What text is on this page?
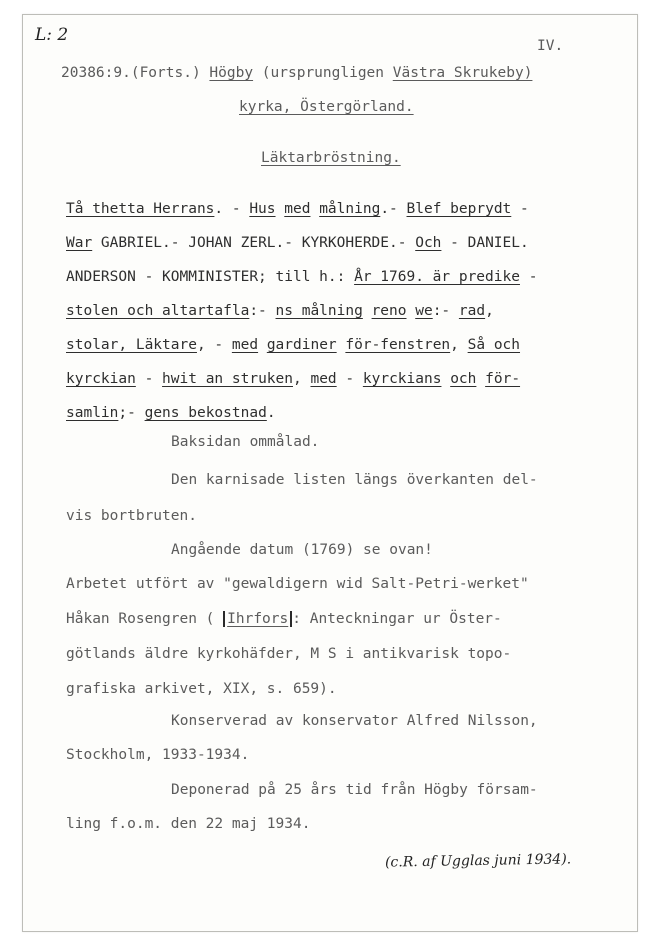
L: 2
IV.
20386:9.(Forts.) Högby (ursprungligen Västra Skrukeby)
kyrka, Östergörland.
Läktarbröstning.
Tå thetta Herrans. - Hus med målning.- Blef beprydt -
War GABRIEL.- JOHAN ZERL.- KYRKOHERDE.- Och - DANIEL.
ANDERSON - KOMMINISTER; till h.: År 1769. är predike -
stolen och altartafla:- ns målning reno we:- rad,
stolar, Läktare, - med gardiner för-fenstren, Så och
kyrckian - hwit an struken, med - kyrckians och för-
samlin;- gens bekostnad.
Baksidan ommålad.
Den karnisade listen längs överkanten del-
vis bortbruten.
Angående datum (1769) se ovan!
Arbetet utfört av "gewaldigern wid Salt-Petri-werket"
Håkan Rosengren ( Ihrfors : Anteckningar ur Öster-
götlands äldre kyrkohäfder, M S i antikvarisk topo-
grafiska arkivet, XIX, s. 659).
Konserverad av konservator Alfred Nilsson,
Stockholm, 1933-1934.
Deponerad på 25 års tid från Högby försam-
ling f.o.m. den 22 maj 1934.
(c.R. af Ugglas juni 1934).
